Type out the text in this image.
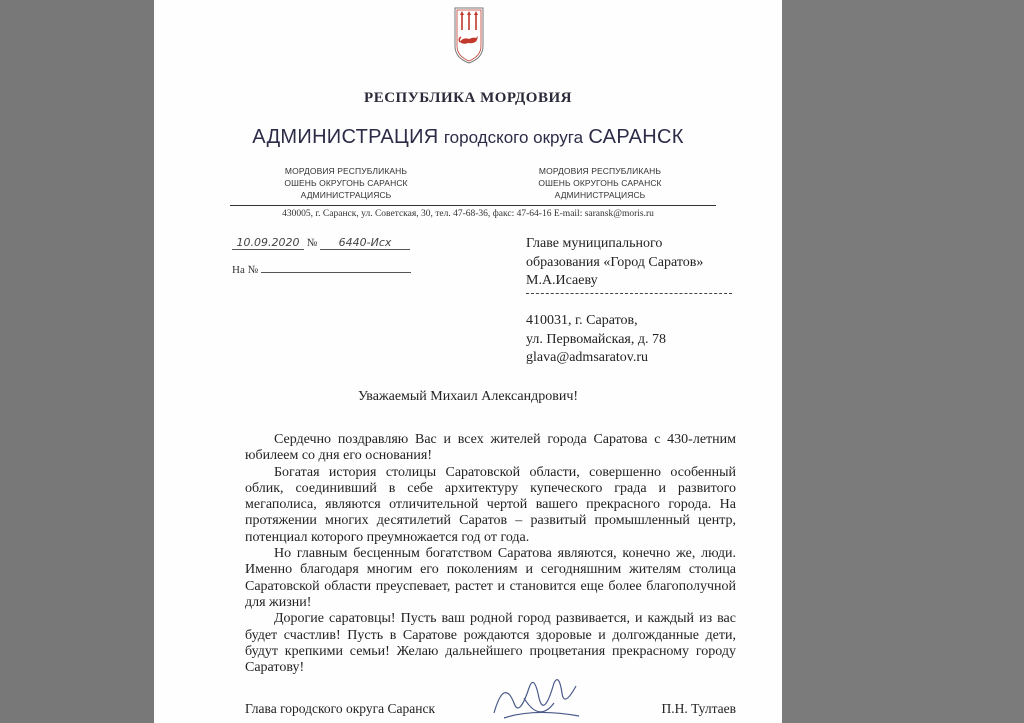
РЕСПУБЛИКА МОРДОВИЯ
АДМИНИСТРАЦИЯ городского округа САРАНСК
МОРДОВИЯ РЕСПУБЛИКАНЬ
ОШЕНЬ ОКРУГОНЬ САРАНСК
АДМИНИСТРАЦИЯСЬ
МОРДОВИЯ РЕСПУБЛИКАНЬ
ОШЕНЬ ОКРУГОНЬ САРАНСК
АДМИНИСТРАЦИЯСЬ
430005, г. Саранск, ул. Советская, 30, тел. 47-68-36, факс: 47-64-16 E-mail: saransk@moris.ru
10.09.2020 № 6440-Исх
На №
Главе муниципального
образования «Город Саратов»
М.А.Исаеву
410031, г. Саратов,
ул. Первомайская, д. 78
glava@admsaratov.ru
Уважаемый Михаил Александрович!

Сердечно поздравляю Вас и всех жителей города Саратова с 430-летним юбилеем со дня его основания!

Богатая история столицы Саратовской области, совершенно особенный облик, соединивший в себе архитектуру купеческого града и развитого мегаполиса, являются отличительной чертой вашего прекрасного города. На протяжении многих десятилетий Саратов – развитый промышленный центр, потенциал которого преумножается год от года.

Но главным бесценным богатством Саратова являются, конечно же, люди. Именно благодаря многим его поколениям и сегодняшним жителям столица Саратовской области преуспевает, растет и становится еще более благополучной для жизни!

Дорогие саратовцы! Пусть ваш родной город развивается, и каждый из вас будет счастлив! Пусть в Саратове рождаются здоровые и долгожданные дети, будут крепкими семьи! Желаю дальнейшего процветания прекрасному городу Саратову!

Глава городского округа Саранск	П.Н. Тултаев
